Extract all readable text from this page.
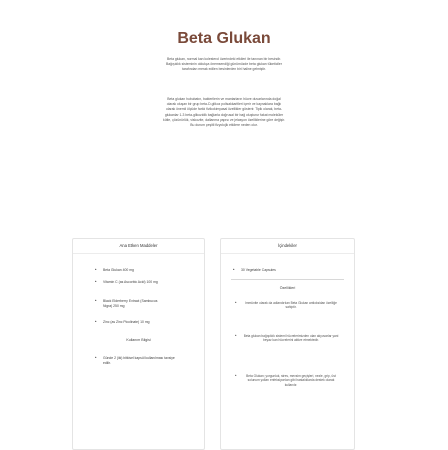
Beta Glukan

Beta glukan, normal kan kolesterol üzerindeki etkileri ile tanınan bir besindir.

Bağışıklık sisteminin oldukça önemsendiği günümüzde beta glukan tüketiciler

tarafından merak edilen besinlerden biri haline gelmiştir.

Beta glukan hububatın, bakterilerin ve mantarların hücre duvarlarında doğal

olarak oluşan bir grup beta-D-glikoz polisakkaritleri içerir ve kaynaklara bağlı

olarak önemli ölçüde farklı fizikokimyasal özellikler gösterir. Tipik olarak, beta-

glukanlar 1-3 beta-glikozidik bağlarla doğrusal bir bağ oluşturur fakat moleküler

kütle, çözünürlük, viskozite, dallanma yapısı ve jelasyon özelliklerine göre değişir.

Bu durum çeşitli fizyolojik etkilere neden olur.

Ana Etken Maddeler
• Beta Glukan 400 mg
• Vitamin C (as Ascorbic Acid) 100 mg
• Black Elderberry Extract (Sambucus Nigra) 250 mg
• Zinc (as Zinc Picolinate) 10 mg
Kullanım Bilgisi
• Günde 2 (iki) bitkisel kapsül kullanılması tavsiye edilir.
İçindekiler
• 30 Vegetable Capsules
Özellikleri
•	Immünite olarak da adlandırılan Beta Glukan antioksidan özelliğe sahiptir.
• Beta glukan bağışıklık sistemi hücrelerimizden olan akyuvarlar yani beyaz kan hücrelerini aktive etmektedir.
•	Beta Glukan; yorgunluk, stres, mevsim geçişleri, nezle, grip, üst solunum yolları enfeksiyonları gibi hastalıklarda destek olarak kullanılır.
